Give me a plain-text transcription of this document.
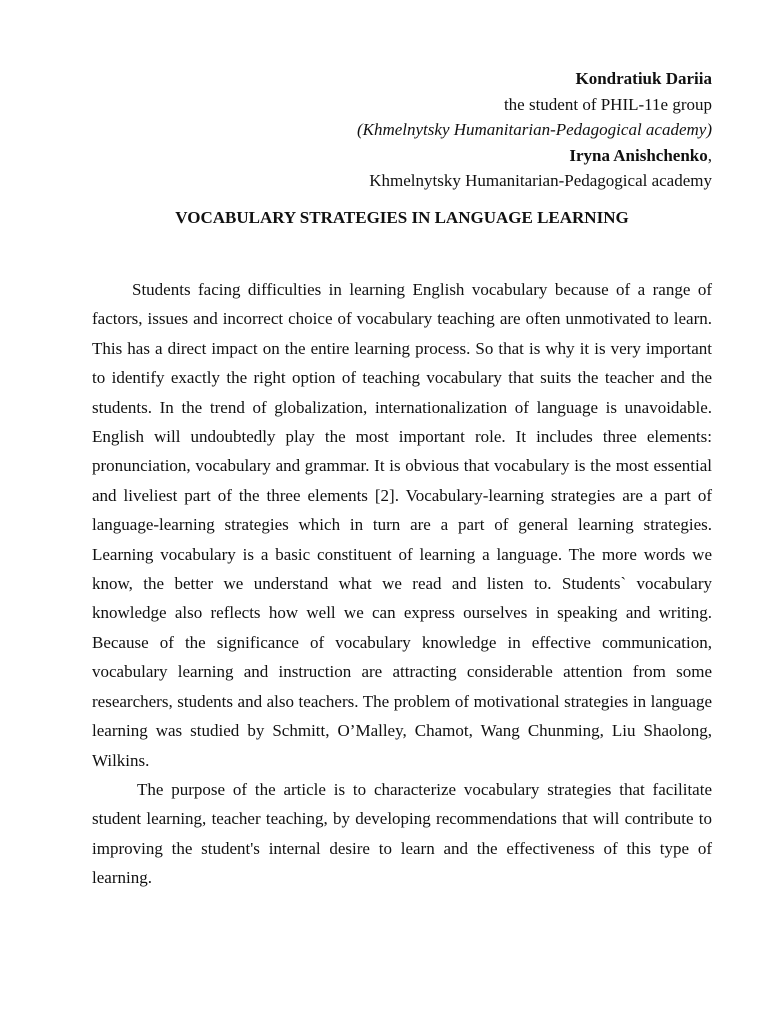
Kondratiuk Dariia
the student of PHIL-11e group
(Khmelnytsky Humanitarian-Pedagogical academy)
Iryna Anishchenko,
Khmelnytsky Humanitarian-Pedagogical academy
VOCABULARY STRATEGIES IN LANGUAGE LEARNING

Students facing difficulties in learning English vocabulary because of a range of factors, issues and incorrect choice of vocabulary teaching are often unmotivated to learn. This has a direct impact on the entire learning process. So that is why it is very important to identify exactly the right option of teaching vocabulary that suits the teacher and the students. In the trend of globalization, internationalization of language is unavoidable. English will undoubtedly play the most important role. It includes three elements: pronunciation, vocabulary and grammar. It is obvious that vocabulary is the most essential and liveliest part of the three elements [2]. Vocabulary-learning strategies are a part of language-learning strategies which in turn are a part of general learning strategies. Learning vocabulary is a basic constituent of learning a language. The more words we know, the better we understand what we read and listen to. Students` vocabulary knowledge also reflects how well we can express ourselves in speaking and writing. Because of the significance of vocabulary knowledge in effective communication, vocabulary learning and instruction are attracting considerable attention from some researchers, students and also teachers. The problem of motivational strategies in language learning was studied by Schmitt, O’Malley, Chamot, Wang Chunming, Liu Shaolong, Wilkins.

The purpose of the article is to characterize vocabulary strategies that facilitate student learning, teacher teaching, by developing recommendations that will contribute to improving the student's internal desire to learn and the effectiveness of this type of learning.
